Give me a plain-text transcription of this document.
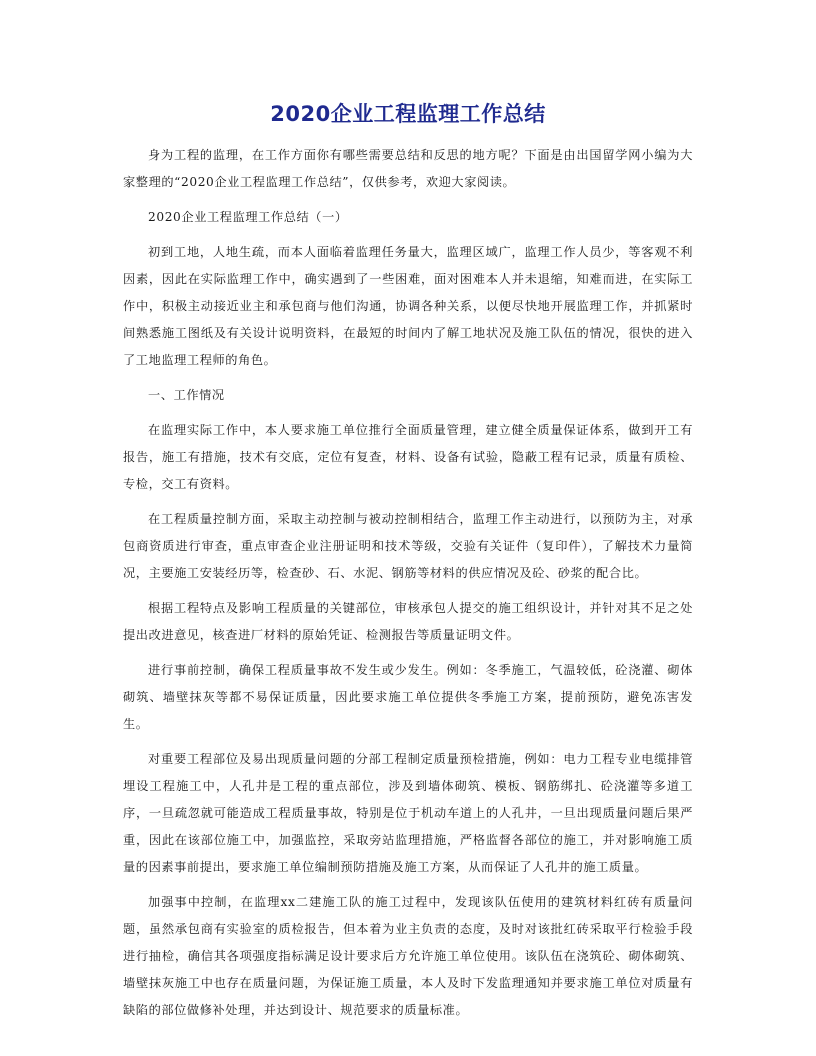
2020企业工程监理工作总结

身为工程的监理，在工作方面你有哪些需要总结和反思的地方呢？下面是由出国留学网小编为大家整理的“2020企业工程监理工作总结”，仅供参考，欢迎大家阅读。

2020企业工程监理工作总结（一）

初到工地，人地生疏，而本人面临着监理任务量大，监理区域广，监理工作人员少，等客观不利因素，因此在实际监理工作中，确实遇到了一些困难，面对困难本人并未退缩，知难而进，在实际工作中，积极主动接近业主和承包商与他们沟通，协调各种关系，以便尽快地开展监理工作，并抓紧时间熟悉施工图纸及有关设计说明资料，在最短的时间内了解工地状况及施工队伍的情况，很快的进入了工地监理工程师的角色。

一、工作情况

在监理实际工作中，本人要求施工单位推行全面质量管理，建立健全质量保证体系，做到开工有报告，施工有措施，技术有交底，定位有复查，材料、设备有试验，隐蔽工程有记录，质量有质检、专检，交工有资料。

在工程质量控制方面，采取主动控制与被动控制相结合，监理工作主动进行，以预防为主，对承包商资质进行审查，重点审查企业注册证明和技术等级，交验有关证件（复印件），了解技术力量简况，主要施工安装经历等，检查砂、石、水泥、钢筋等材料的供应情况及砼、砂浆的配合比。

根据工程特点及影响工程质量的关键部位，审核承包人提交的施工组织设计，并针对其不足之处提出改进意见，核查进厂材料的原始凭证、检测报告等质量证明文件。

进行事前控制，确保工程质量事故不发生或少发生。例如：冬季施工，气温较低，砼浇灌、砌体砌筑、墙壁抹灰等都不易保证质量，因此要求施工单位提供冬季施工方案，提前预防，避免冻害发生。

对重要工程部位及易出现质量问题的分部工程制定质量预检措施，例如：电力工程专业电缆排管埋设工程施工中，人孔井是工程的重点部位，涉及到墙体砌筑、模板、钢筋绑扎、砼浇灌等多道工序，一旦疏忽就可能造成工程质量事故，特别是位于机动车道上的人孔井，一旦出现质量问题后果严重，因此在该部位施工中，加强监控，采取旁站监理措施，严格监督各部位的施工，并对影响施工质量的因素事前提出，要求施工单位编制预防措施及施工方案，从而保证了人孔井的施工质量。

加强事中控制，在监理xx二建施工队的施工过程中，发现该队伍使用的建筑材料红砖有质量问题，虽然承包商有实验室的质检报告，但本着为业主负责的态度，及时对该批红砖采取平行检验手段进行抽检，确信其各项强度指标满足设计要求后方允许施工单位使用。该队伍在浇筑砼、砌体砌筑、墙壁抹灰施工中也存在质量问题，为保证施工质量，本人及时下发监理通知并要求施工单位对质量有缺陷的部位做修补处理，并达到设计、规范要求的质量标准。
